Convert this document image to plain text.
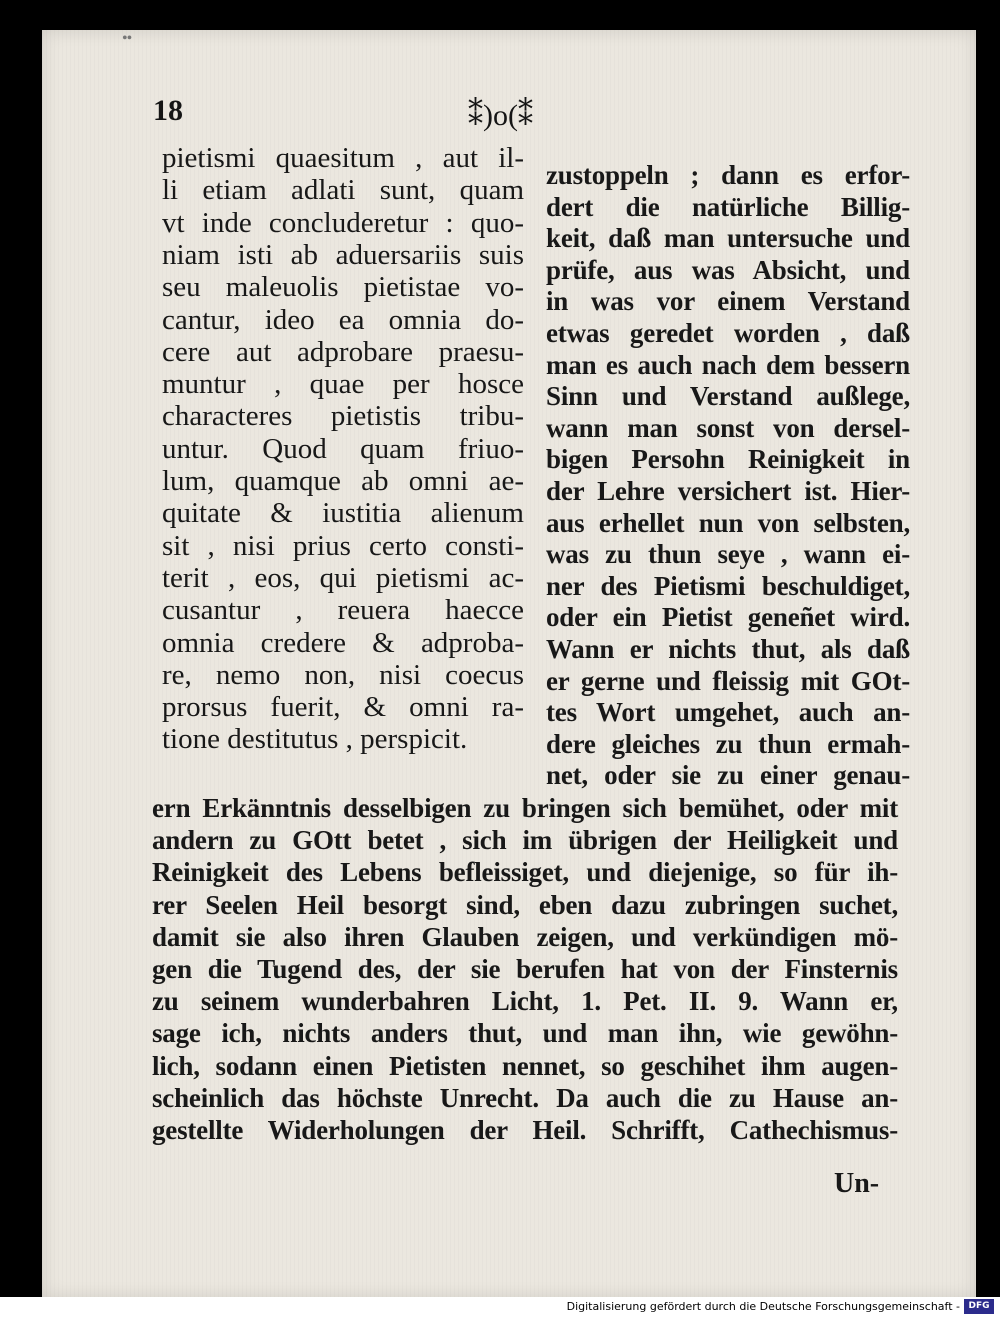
••
18	⁑)o(⁑
pietismi quaesitum , aut il-
li etiam adlati sunt, quam
vt inde concluderetur : quo-
niam isti ab aduersariis suis
seu maleuolis pietistae vo-
cantur, ideo ea omnia do-
cere aut adprobare praesu-
muntur , quae per hosce
characteres pietistis tribu-
untur. Quod quam friuo-
lum, quamque ab omni ae-
quitate & iustitia alienum
sit , nisi prius certo consti-
terit , eos, qui pietismi ac-
cusantur , reuera haecce
omnia credere & adproba-
re, nemo non, nisi coecus
prorsus fuerit, & omni ra-
tione destitutus , perspicit.
zustoppeln ; dann es erfor-
dert die natürliche Billig-
keit, daß man untersuche und
prüfe, aus was Absicht, und
in was vor einem Verstand
etwas geredet worden , daß
man es auch nach dem bessern
Sinn und Verstand außlege,
wann man sonst von dersel-
bigen Persohn Reinigkeit in
der Lehre versichert ist. Hier-
aus erhellet nun von selbsten,
was zu thun seye , wann ei-
ner des Pietismi beschuldiget,
oder ein Pietist geneñet wird.
Wann er nichts thut, als daß
er gerne und fleissig mit GOt-
tes Wort umgehet, auch an-
dere gleiches zu thun ermah-
net, oder sie zu einer genau-
ern Erkänntnis desselbigen zu bringen sich bemühet, oder mit
andern zu GOtt betet , sich im übrigen der Heiligkeit und
Reinigkeit des Lebens befleissiget, und diejenige, so für ih-
rer Seelen Heil besorgt sind, eben dazu zubringen suchet,
damit sie also ihren Glauben zeigen, und verkündigen mö-
gen die Tugend des, der sie berufen hat von der Finsternis
zu seinem wunderbahren Licht, 1. Pet. II. 9. Wann er,
sage ich, nichts anders thut, und man ihn, wie gewöhn-
lich, sodann einen Pietisten nennet, so geschihet ihm augen-
scheinlich das höchste Unrecht. Da auch die zu Hause an-
gestellte Widerholungen der Heil. Schrifft, Cathechismus-
Un-
Digitalisierung gefördert durch die Deutsche Forschungsgemeinschaft - DFG
